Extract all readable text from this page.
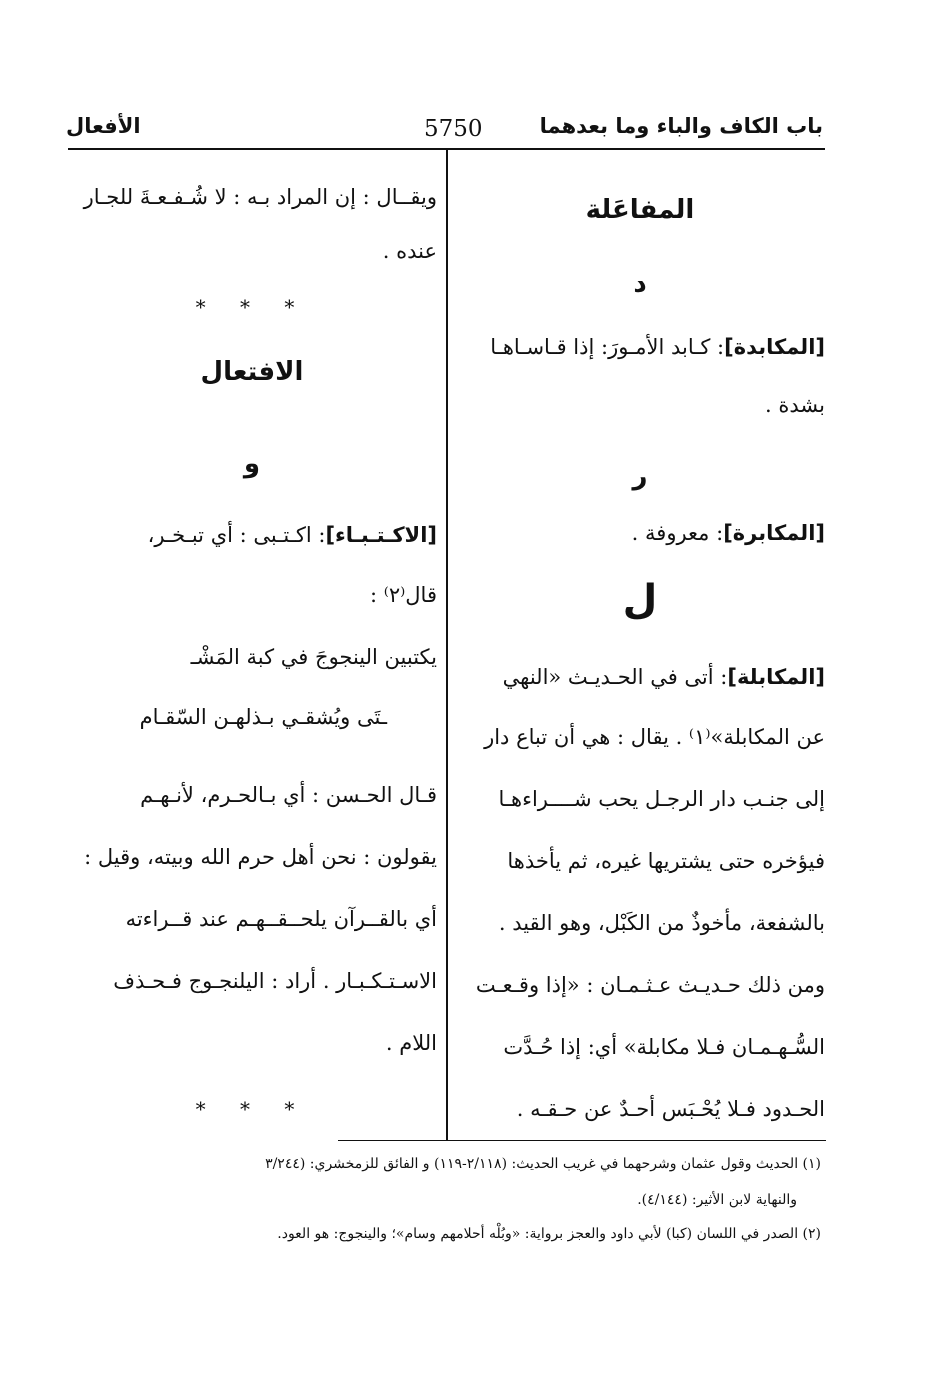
باب الكاف والباء وما بعدهما
5750
الأفعال
المفاعَلة
د
[المكابدة]: كـابد الأمـورَ: إذا قـاسـاهـا
بشدة .
ر
[المكابرة]: معروفة .
ل
[المكابلة]: أتى في الحـديـث «النهي
عن المكابلة»⁽١⁾ . يقال : هي أن تباع دار
إلى جنـب دار الرجـل يحب شــــراءهـا
فيؤخره حتى يشتريها غيره، ثم يأخذها
بالشفعة، مأخوذٌ من الكَبْل، وهو القيد .
ومن ذلك حـديـث عـثـمـان : «إذا وقـعـت
السُّـهـمـان فـلا مكابلة» أي: إذا حُـدَّت
الحـدود فـلا يُحْـبَس أحـدٌ عن حـقـه .
ويقــال : إن المراد بـه : لا شُـفـعـةَ للجـار
عنده .
* * *
الافتعال
و
[الاكـتـبـاء]: اكـتـبى : أي تبـخـر،
قال⁽٢⁾ :
يكتبين الينجوجَ في كبة المَشْـ
ـتَى ويُشقـي بـذلهـن السّقـام
قـال الحـسن : أي بـالحـرم، لأنـهـم
يقولون : نحن أهل حرم الله وبيته، وقيل :
أي بالقــرآن يلحــقــهـم عند قــراءته
الاسـتـكـبـار . أراد : اليلنجـوج فـحـذف
اللام .
* * *
(١) الحديث وقول عثمان وشرحهما في غريب الحديث: (٢/١١٨-١١٩) و الفائق للزمخشري: (٣/٢٤٤
والنهاية لابن الأثير: (٤/١٤٤).
(٢) الصدر في اللسان (كبا) لأبي داود والعجز برواية: «وبُلْه أحلامهم وسام»؛ والينجوج: هو العود.
